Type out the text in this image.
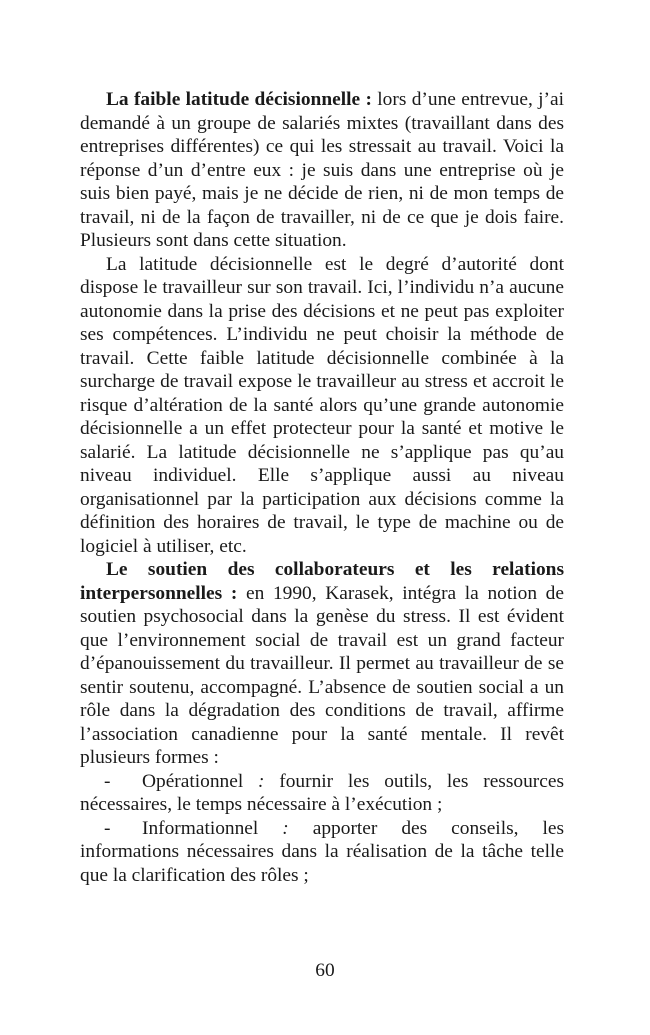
La faible latitude décisionnelle : lors d’une entrevue, j’ai demandé à un groupe de salariés mixtes (travaillant dans des entreprises différentes) ce qui les stressait au travail. Voici la réponse d’un d’entre eux : je suis dans une entreprise où je suis bien payé, mais je ne décide de rien, ni de mon temps de travail, ni de la façon de travailler, ni de ce que je dois faire. Plusieurs sont dans cette situation.

La latitude décisionnelle est le degré d’autorité dont dispose le travailleur sur son travail. Ici, l’individu n’a aucune autonomie dans la prise des décisions et ne peut pas exploiter ses compétences. L’individu ne peut choisir la méthode de travail. Cette faible latitude décisionnelle combinée à la surcharge de travail expose le travailleur au stress et accroit le risque d’altération de la santé alors qu’une grande autonomie décisionnelle a un effet protecteur pour la santé et motive le salarié. La latitude décisionnelle ne s’applique pas qu’au niveau individuel. Elle s’applique aussi au niveau organisationnel par la participation aux décisions comme la définition des horaires de travail, le type de machine ou de logiciel à utiliser, etc.

Le soutien des collaborateurs et les relations interpersonnelles : en 1990, Karasek, intégra la notion de soutien psychosocial dans la genèse du stress. Il est évident que l’environnement social de travail est un grand facteur d’épanouissement du travailleur. Il permet au travailleur de se sentir soutenu, accompagné. L’absence de soutien social a un rôle dans la dégradation des conditions de travail, affirme l’association canadienne pour la santé mentale. Il revêt plusieurs formes :

- Opérationnel : fournir les outils, les ressources nécessaires, le temps nécessaire à l’exécution ;

- Informationnel : apporter des conseils, les informations nécessaires dans la réalisation de la tâche telle que la clarification des rôles ;

60
